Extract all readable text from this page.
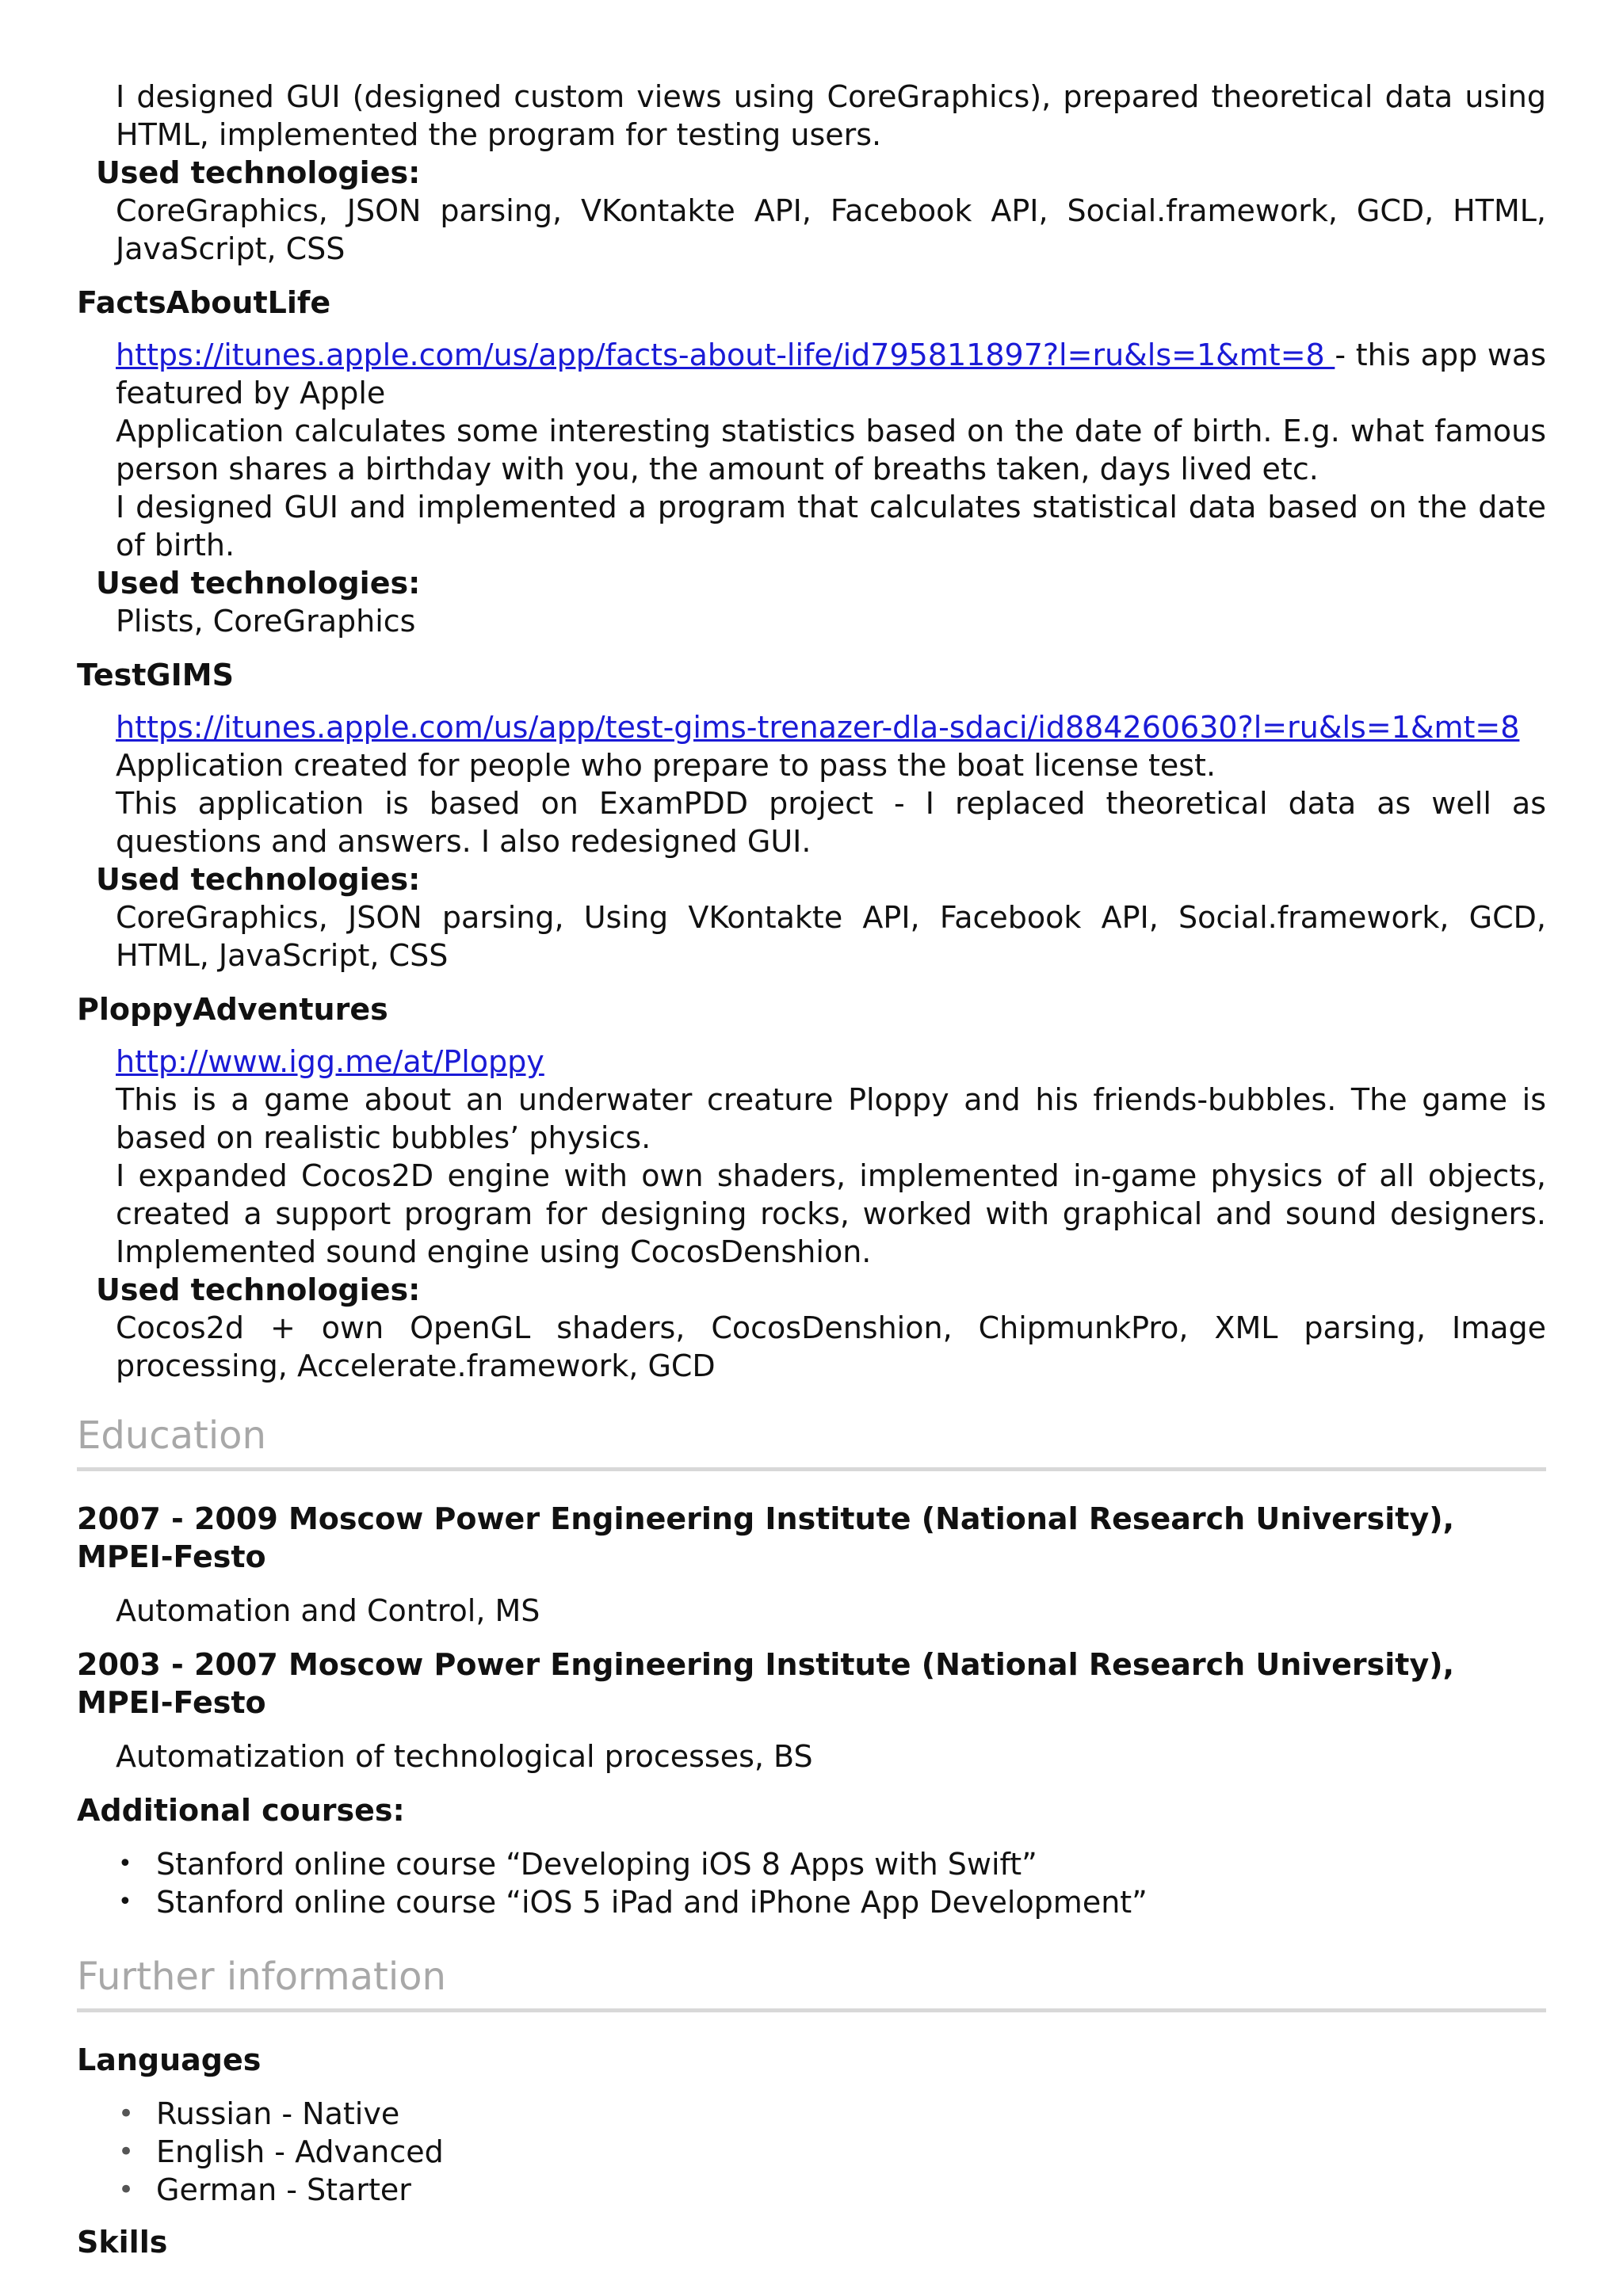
I designed GUI (designed custom views using CoreGraphics), prepared theoretical data using HTML, implemented the program for testing users.
Used technologies:
CoreGraphics, JSON parsing, VKontakte API, Facebook API, Social.framework, GCD, HTML, JavaScript, CSS
FactsAboutLife
https://itunes.apple.com/us/app/facts-about-life/id795811897?l=ru&ls=1&mt=8 - this app was featured by Apple
Application calculates some interesting statistics based on the date of birth. E.g. what famous person shares a birthday with you, the amount of breaths taken, days lived etc.
I designed GUI and implemented a program that calculates statistical data based on the date of birth.
Used technologies:
Plists, CoreGraphics
TestGIMS
https://itunes.apple.com/us/app/test-gims-trenazer-dla-sdaci/id884260630?l=ru&ls=1&mt=8
Application created for people who prepare to pass the boat license test.
This application is based on ExamPDD project - I replaced theoretical data as well as questions and answers. I also redesigned GUI.
Used technologies:
CoreGraphics, JSON parsing, Using VKontakte API, Facebook API, Social.framework, GCD, HTML, JavaScript, CSS
PloppyAdventures
http://www.igg.me/at/Ploppy
This is a game about an underwater creature Ploppy and his friends-bubbles. The game is based on realistic bubbles’ physics.
I expanded Cocos2D engine with own shaders, implemented in-game physics of all objects, created a support program for designing rocks, worked with graphical and sound designers. Implemented sound engine using CocosDenshion.
Used technologies:
Cocos2d + own OpenGL shaders, CocosDenshion, ChipmunkPro, XML parsing, Image processing, Accelerate.framework, GCD
Education
2007 - 2009 Moscow Power Engineering Institute (National Research University), MPEI-Festo
Automation and Control, MS
2003 - 2007 Moscow Power Engineering Institute (National Research University), MPEI-Festo
Automatization of technological processes, BS
Additional courses:
• Stanford online course “Developing iOS 8 Apps with Swift”
• Stanford online course “iOS 5 iPad and iPhone App Development”
Further information
Languages
• Russian - Native
• English - Advanced
• German - Starter
Skills
